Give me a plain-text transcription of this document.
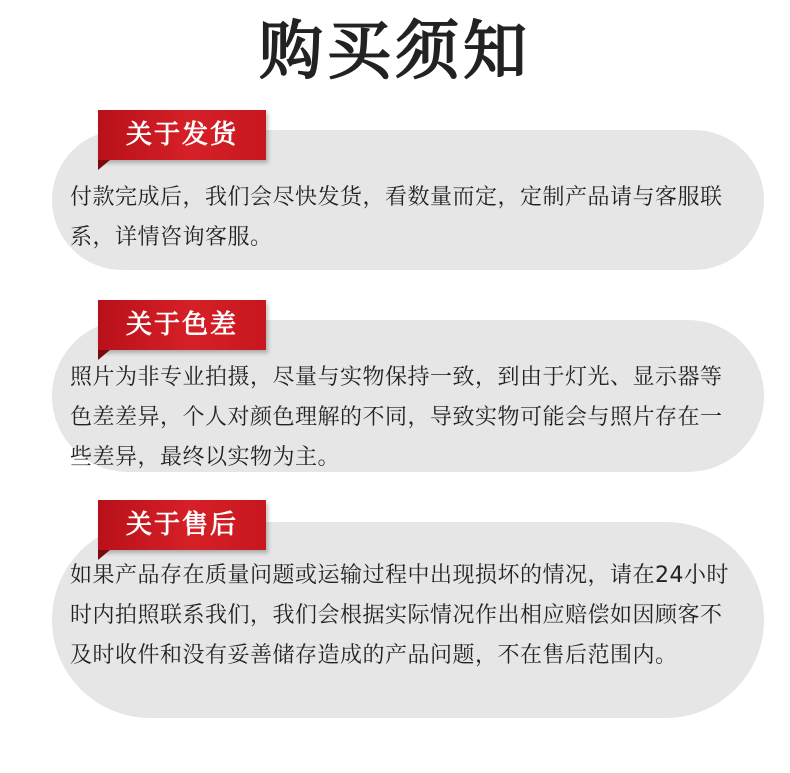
购买须知

付款完成后，我们会尽快发货，看数量而定，定制产品请与客服联系，详情咨询客服。

关于发货

照片为非专业拍摄，尽量与实物保持一致，到由于灯光、显示器等色差差异，个人对颜色理解的不同，导致实物可能会与照片存在一些差异，最终以实物为主。

关于色差

如果产品存在质量问题或运输过程中出现损坏的情况，请在24小时时内拍照联系我们，我们会根据实际情况作出相应赔偿如因顾客不及时收件和没有妥善储存造成的产品问题，不在售后范围内。

关于售后
